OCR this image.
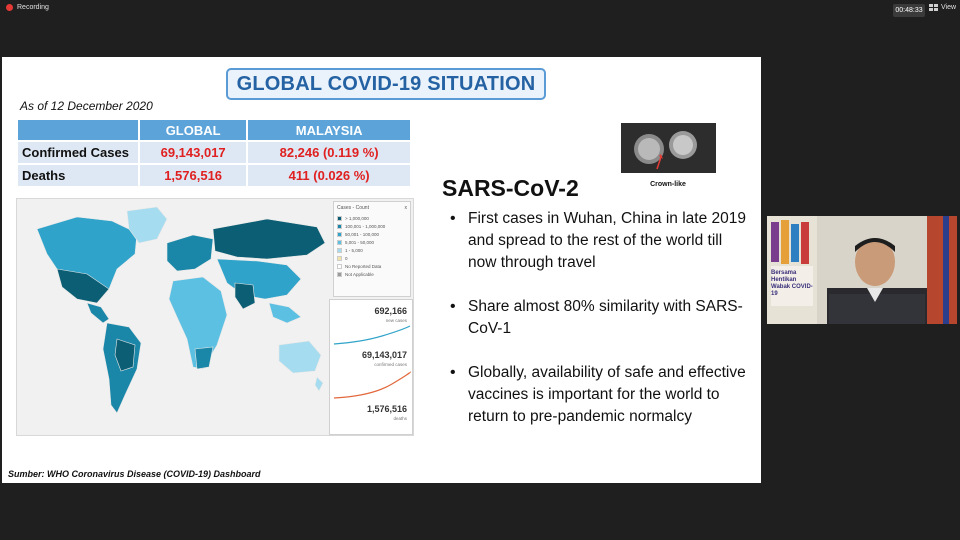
Recording	00:48:33	View
GLOBAL COVID-19 SITUATION
As of 12 December 2020
	GLOBAL	MALAYSIA
Confirmed Cases	69,143,017	82,246 (0.119 %)
Deaths	1,576,516	411 (0.026 %)
Cases - Count	x
> 1,000,000
100,001 - 1,000,000
50,001 - 100,000
5,001 - 50,000
1 - 5,000
0
No Reported Data
Not Applicable
692,166
new cases
69,143,017
confirmed cases
1,576,516
deaths
Sumber: WHO Coronavirus Disease (COVID-19) Dashboard
Crown-like
SARS-CoV-2
• First cases in Wuhan, China in late 2019 and spread to the rest of the world till now through travel
• Share almost 80% similarity with SARS-CoV-1
• Globally, availability of safe and effective vaccines is important for the world to return to pre-pandemic normalcy
Bersama Hentikan Wabak COVID-19
